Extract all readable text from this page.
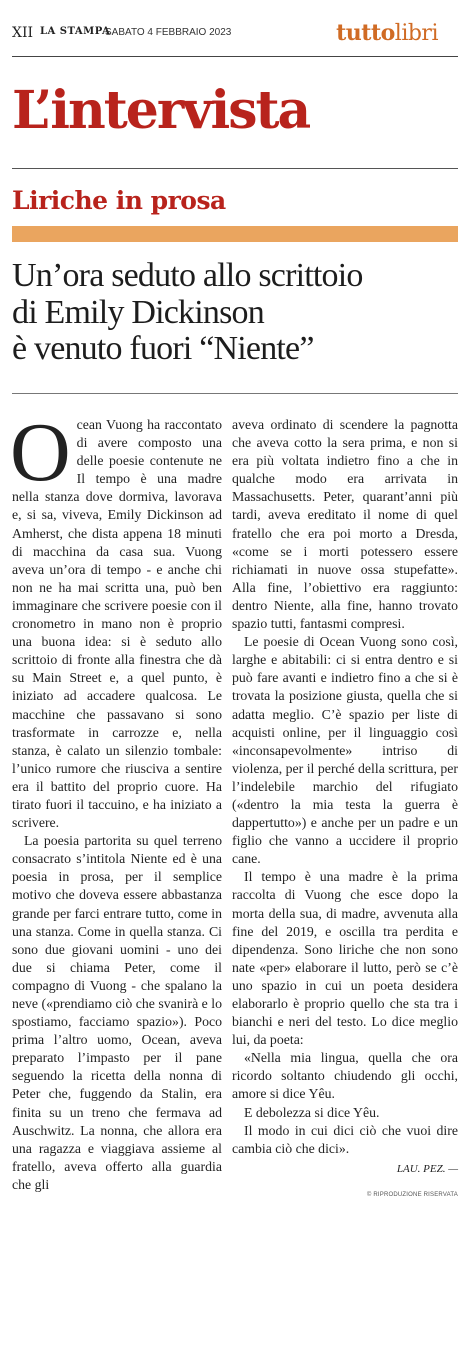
XII LA STAMPA
SABATO 4 FEBBRAIO 2023	tuttolibri
L’intervista
Liriche in prosa
Un’ora seduto allo scrittoio
di Emily Dickinson
è venuto fuori “Niente”

Ocean Vuong ha raccontato di avere composto una delle poesie contenute ne Il tempo è una madre nella stanza dove dormiva, lavorava e, si sa, viveva, Emily Dickinson ad Amherst, che dista appena 18 minuti di macchina da casa sua. Vuong aveva un’ora di tempo - e anche chi non ne ha mai scritta una, può ben immaginare che scrivere poesie con il cronometro in mano non è proprio una buona idea: si è seduto allo scrittoio di fronte alla finestra che dà su Main Street e, a quel punto, è iniziato ad accadere qualcosa. Le macchine che passavano si sono trasformate in carrozze e, nella stanza, è calato un silenzio tombale: l’unico rumore che riusciva a sentire era il battito del proprio cuore. Ha tirato fuori il taccuino, e ha iniziato a scrivere.

La poesia partorita su quel terreno consacrato s’intitola Niente ed è una poesia in prosa, per il semplice motivo che doveva essere abbastanza grande per farci entrare tutto, come in una stanza. Come in quella stanza. Ci sono due giovani uomini - uno dei due si chiama Peter, come il compagno di Vuong - che spalano la neve («prendiamo ciò che svanirà e lo spostiamo, facciamo spazio»). Poco prima l’altro uomo, Ocean, aveva preparato l’impasto per il pane seguendo la ricetta della nonna di Peter che, fuggendo da Stalin, era finita su un treno che fermava ad Auschwitz. La nonna, che allora era una ragazza e viaggiava assieme al fratello, aveva offerto alla guardia che gli

aveva ordinato di scendere la pagnotta che aveva cotto la sera prima, e non si era più voltata indietro fino a che in qualche modo era arrivata in Massachusetts. Peter, quarant’anni più tardi, aveva ereditato il nome di quel fratello che era poi morto a Dresda, «come se i morti potessero essere richiamati in nuove ossa stupefatte». Alla fine, l’obiettivo era raggiunto: dentro Niente, alla fine, hanno trovato spazio tutti, fantasmi compresi.

Le poesie di Ocean Vuong sono così, larghe e abitabili: ci si entra dentro e si può fare avanti e indietro fino a che si è trovata la posizione giusta, quella che si adatta meglio. C’è spazio per liste di acquisti online, per il linguaggio così «inconsapevolmente» intriso di violenza, per il perché della scrittura, per l’indelebile marchio del rifugiato («dentro la mia testa la guerra è dappertutto») e anche per un padre e un figlio che vanno a uccidere il proprio cane.

Il tempo è una madre è la prima raccolta di Vuong che esce dopo la morta della sua, di madre, avvenuta alla fine del 2019, e oscilla tra perdita e dipendenza. Sono liriche che non sono nate «per» elaborare il lutto, però se c’è uno spazio in cui un poeta desidera elaborarlo è proprio quello che sta tra i bianchi e neri del testo. Lo dice meglio lui, da poeta:

«Nella mia lingua, quella che ora ricordo soltanto chiudendo gli occhi, amore si dice Yêu.

E debolezza si dice Yêu.

Il modo in cui dici ciò che vuoi dire cambia ciò che dici».

LAU. PEZ. —
© RIPRODUZIONE RISERVATA
